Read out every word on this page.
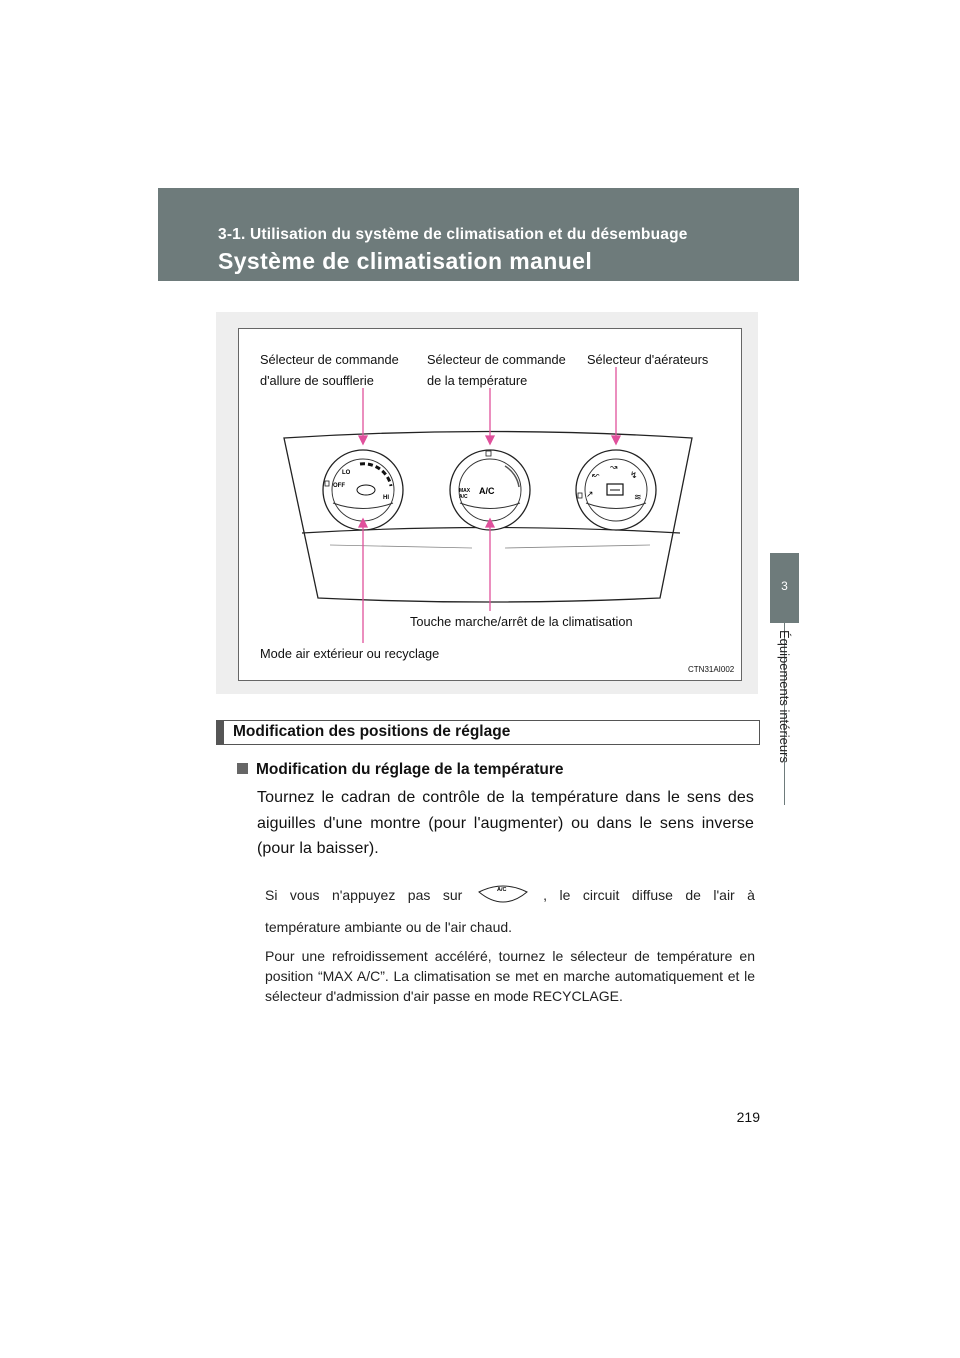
3-1. Utilisation du système de climatisation et du désembuage
Système de climatisation manuel
3
Équipements intérieurs
Sélecteur de commande
d'allure de soufflerie
Sélecteur de commande
de la température
Sélecteur d'aérateurs
Touche marche/arrêt de la climatisation
Mode air extérieur ou recyclage
CTN31AI002
LO
OFF
HI
MAX
A/C
A/C
↜
↝
↯
↗	≋
Modification des positions de réglage
Modification du réglage de la température
Tournez le cadran de contrôle de la température dans le sens des aiguilles d'une montre (pour l'augmenter) ou dans le sens inverse (pour la baisser).
Si vous n'appuyez pas sur	A/C	, le circuit diffuse de l'air à
température ambiante ou de l'air chaud.
Pour une refroidissement accéléré, tournez le sélecteur de température en position “MAX A/C”. La climatisation se met en marche automatiquement et le sélecteur d'admission d'air passe en mode RECYCLAGE.
219
